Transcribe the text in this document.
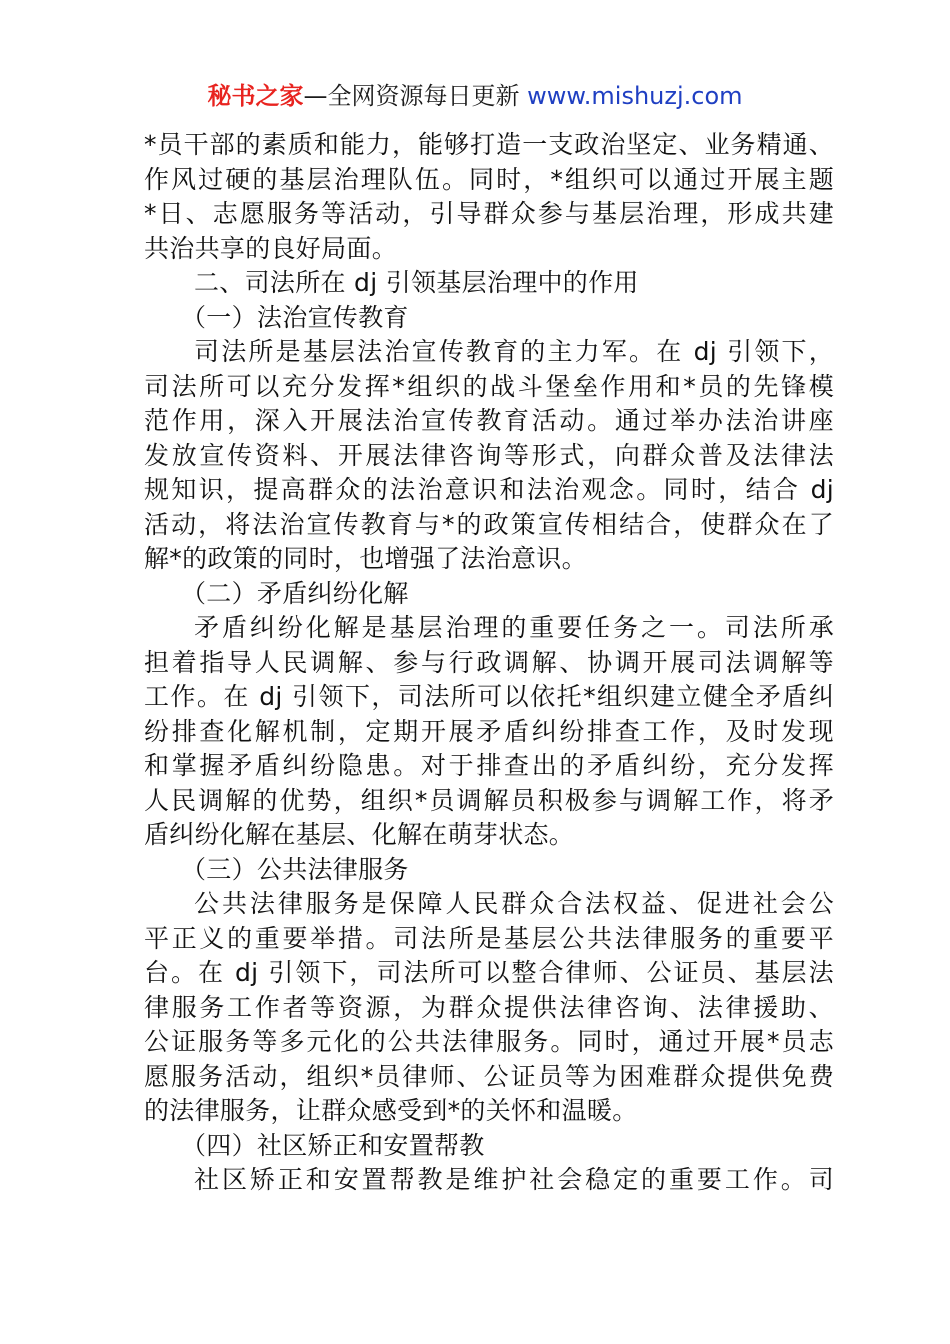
秘书之家—全网资源每日更新 www.mishuzj.com
*员干部的素质和能力，能够打造一支政治坚定、业务精通、
作风过硬的基层治理队伍。同时，*组织可以通过开展主题
*日、志愿服务等活动，引导群众参与基层治理，形成共建
共治共享的良好局面。
二、司法所在 dj 引领基层治理中的作用
（一）法治宣传教育
司法所是基层法治宣传教育的主力军。在 dj 引领下，
司法所可以充分发挥*组织的战斗堡垒作用和*员的先锋模
范作用，深入开展法治宣传教育活动。通过举办法治讲座
发放宣传资料、开展法律咨询等形式，向群众普及法律法
规知识，提高群众的法治意识和法治观念。同时，结合 dj
活动，将法治宣传教育与*的政策宣传相结合，使群众在了
解*的政策的同时，也增强了法治意识。
（二）矛盾纠纷化解
矛盾纠纷化解是基层治理的重要任务之一。司法所承
担着指导人民调解、参与行政调解、协调开展司法调解等
工作。在 dj 引领下，司法所可以依托*组织建立健全矛盾纠
纷排查化解机制，定期开展矛盾纠纷排查工作，及时发现
和掌握矛盾纠纷隐患。对于排查出的矛盾纠纷，充分发挥
人民调解的优势，组织*员调解员积极参与调解工作，将矛
盾纠纷化解在基层、化解在萌芽状态。
（三）公共法律服务
公共法律服务是保障人民群众合法权益、促进社会公
平正义的重要举措。司法所是基层公共法律服务的重要平
台。在 dj 引领下，司法所可以整合律师、公证员、基层法
律服务工作者等资源，为群众提供法律咨询、法律援助、
公证服务等多元化的公共法律服务。同时，通过开展*员志
愿服务活动，组织*员律师、公证员等为困难群众提供免费
的法律服务，让群众感受到*的关怀和温暖。
（四）社区矫正和安置帮教
社区矫正和安置帮教是维护社会稳定的重要工作。司
